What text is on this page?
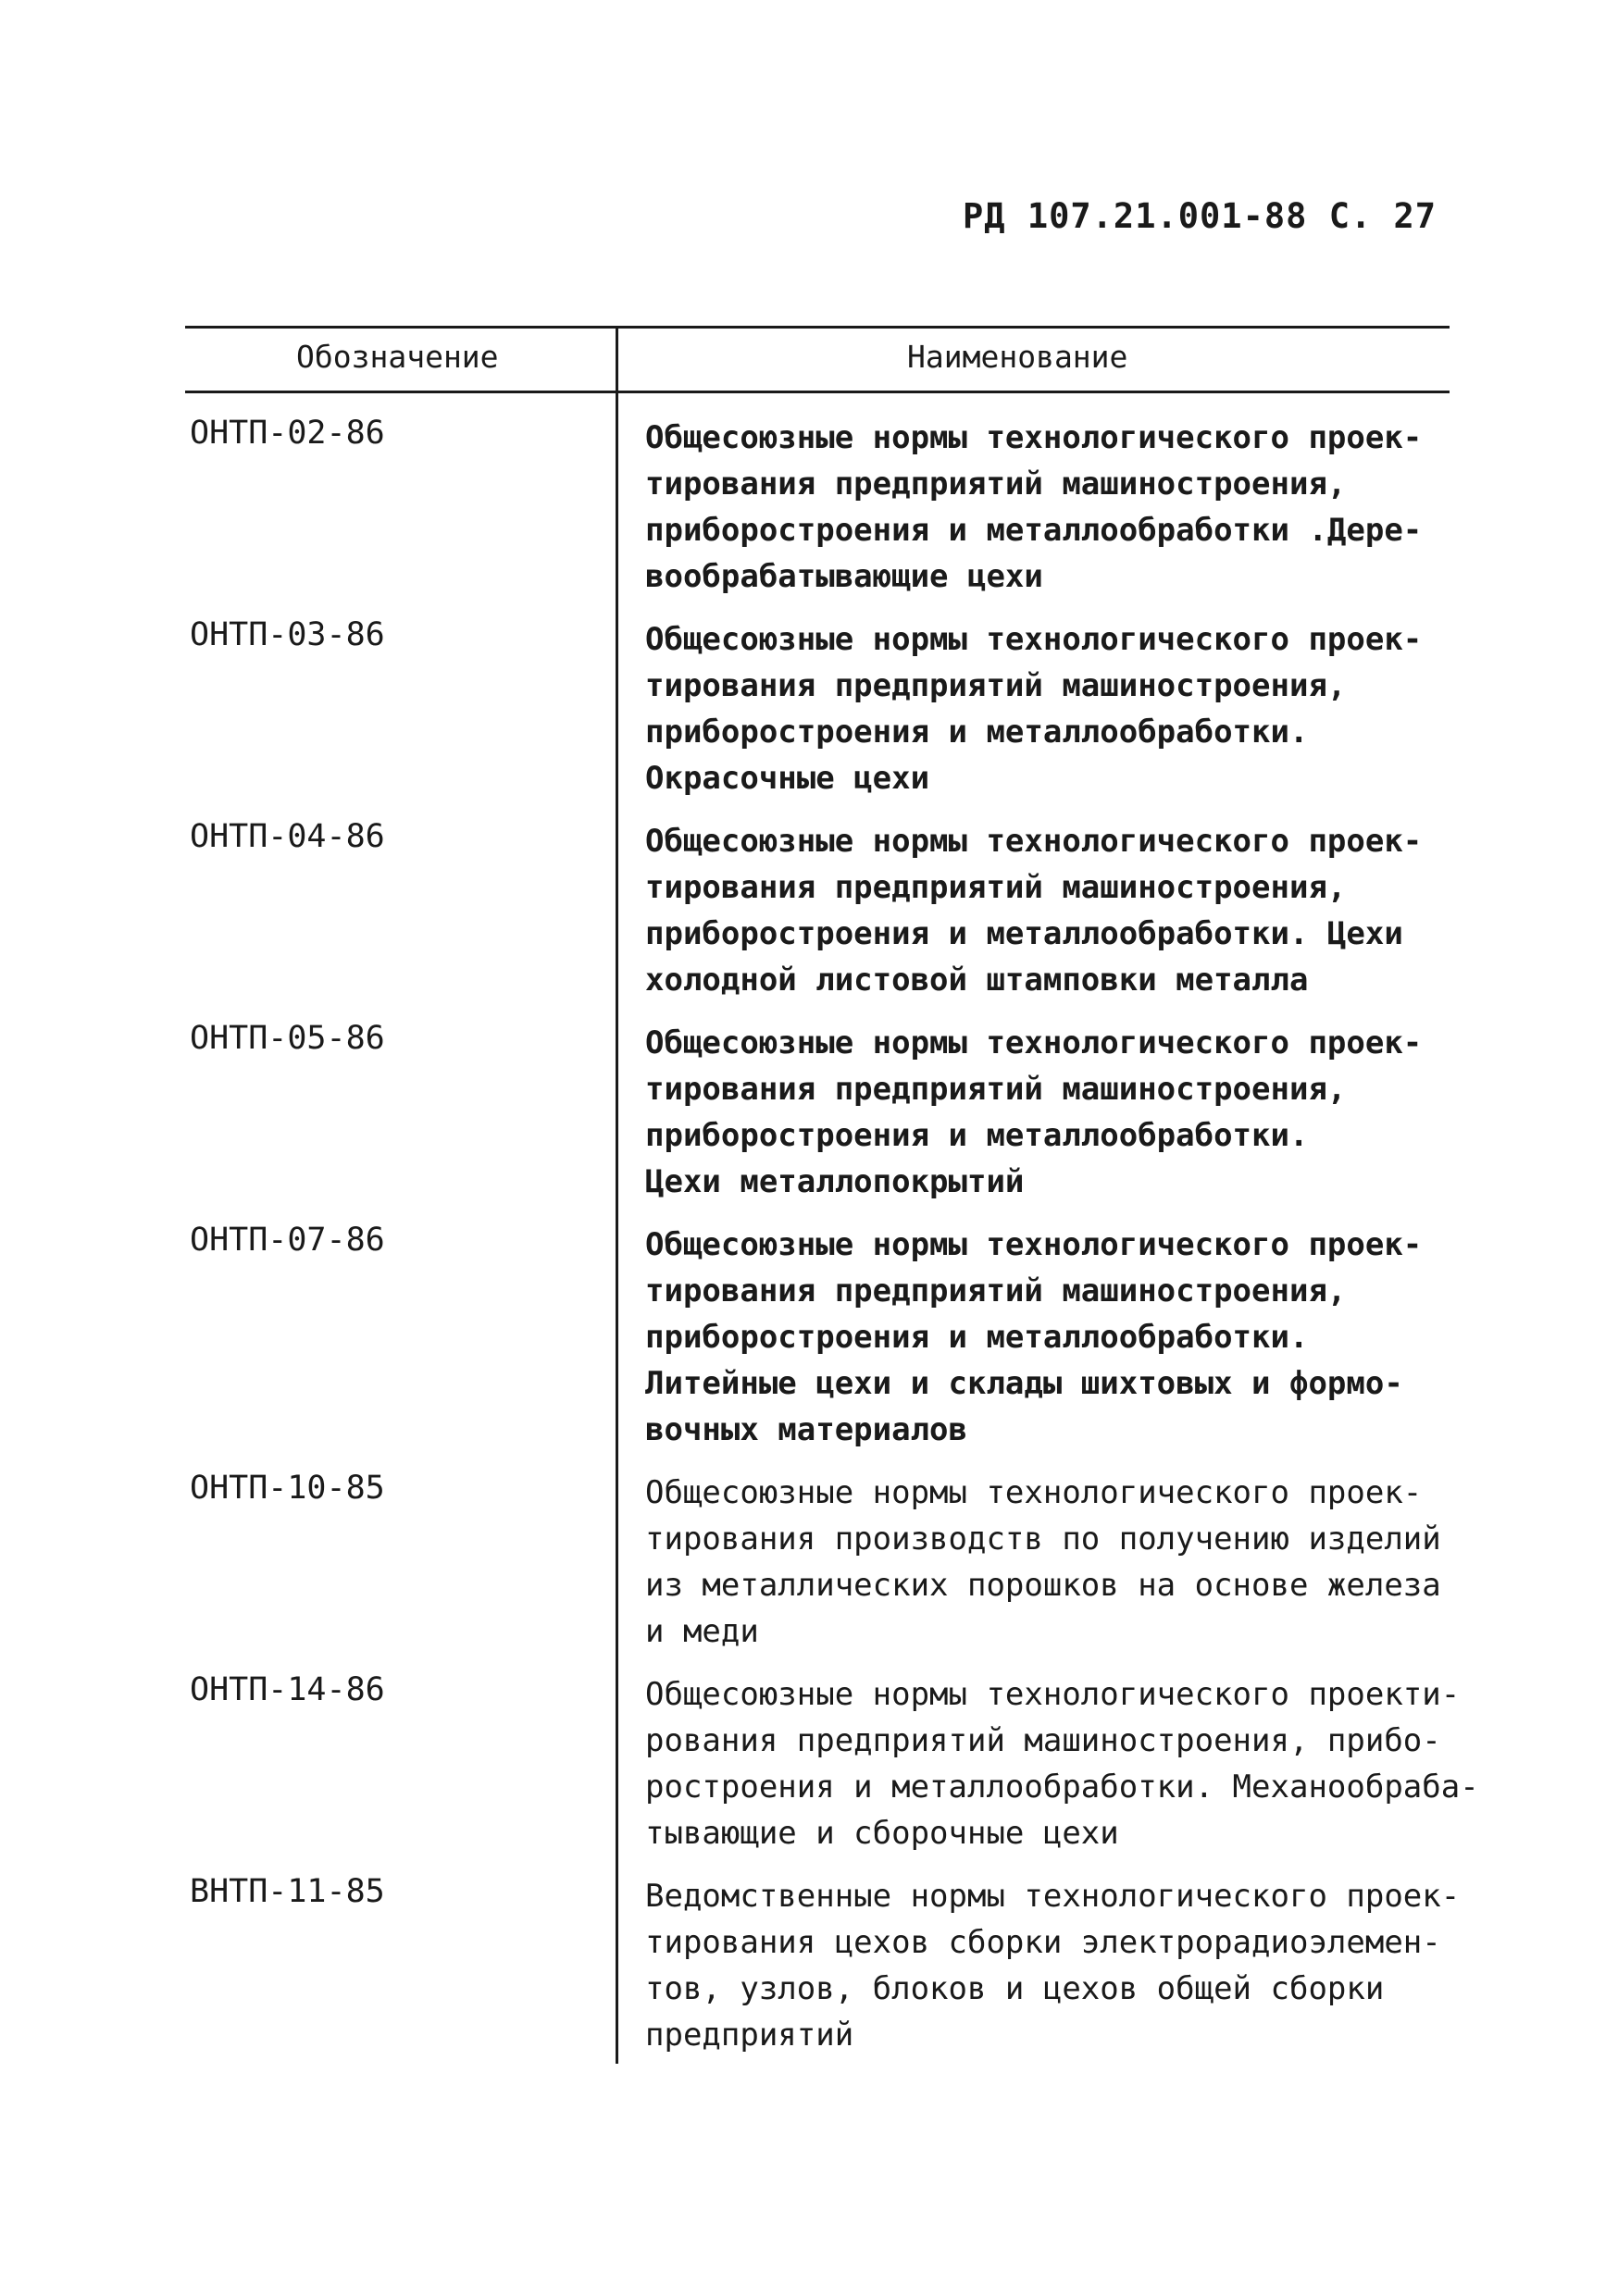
РД 107.21.001-88 С. 27
Обозначение	Наименование
ОНТП-02-86	Общесоюзные нормы технологического проек-
тирования предприятий машиностроения,
приборостроения и металлообработки .Дере-
вообрабатывающие цехи
ОНТП-03-86	Общесоюзные нормы технологического проек-
тирования предприятий машиностроения,
приборостроения и металлообработки.
Окрасочные цехи
ОНТП-04-86	Общесоюзные нормы технологического проек-
тирования предприятий машиностроения,
приборостроения и металлообработки. Цехи
холодной листовой штамповки металла
ОНТП-05-86	Общесоюзные нормы технологического проек-
тирования предприятий машиностроения,
приборостроения и металлообработки.
Цехи металлопокрытий
ОНТП-07-86	Общесоюзные нормы технологического проек-
тирования предприятий машиностроения,
приборостроения и металлообработки.
Литейные цехи и склады шихтовых и формо-
вочных материалов
ОНТП-10-85	Общесоюзные нормы технологического проек-
тирования производств по получению изделий
из металлических порошков на основе железа
и меди
ОНТП-14-86	Общесоюзные нормы технологического проекти-
рования предприятий машиностроения, прибо-
ростроения и металлообработки. Механообраба-
тывающие и сборочные цехи
ВНТП-11-85	Ведомственные нормы технологического проек-
тирования цехов сборки электрорадиоэлемен-
тов, узлов, блоков и цехов общей сборки
предприятий
